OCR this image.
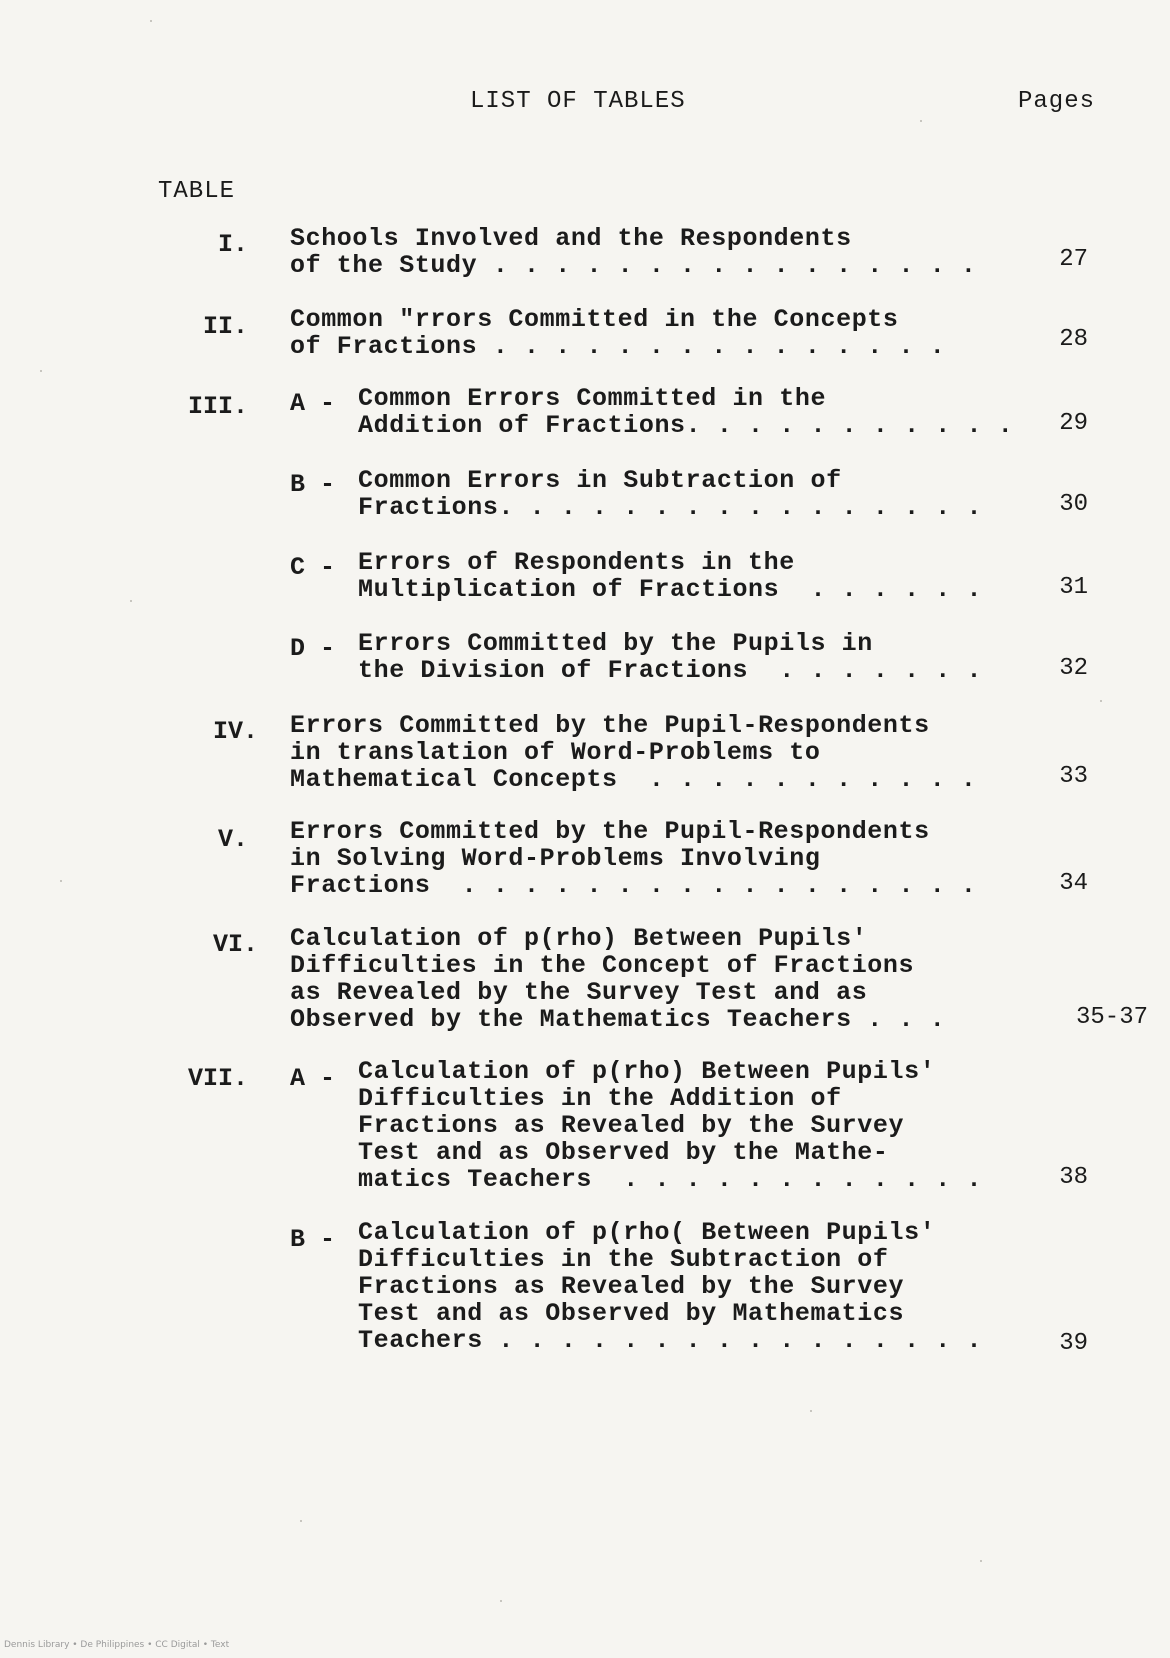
LIST OF TABLES	Pages
TABLE
I. Schools Involved and the Respondents
of the Study . . . . . . . . . . . . . . . .	27
II. Common "rrors Committed in the Concepts
of Fractions . . . . . . . . . . . . . . .	28
III. A - Common Errors Committed in the
Addition of Fractions. . . . . . . . . . .	29
B - Common Errors in Subtraction of
Fractions. . . . . . . . . . . . . . . .	30
C - Errors of Respondents in the
Multiplication of Fractions  . . . . . .	31
D - Errors Committed by the Pupils in
the Division of Fractions  . . . . . . .	32
IV. Errors Committed by the Pupil-Respondents
in translation of Word-Problems to
Mathematical Concepts  . . . . . . . . . . .	33
V. Errors Committed by the Pupil-Respondents
in Solving Word-Problems Involving
Fractions  . . . . . . . . . . . . . . . . .	34
VI. Calculation of p(rho) Between Pupils'
Difficulties in the Concept of Fractions
as Revealed by the Survey Test and as
Observed by the Mathematics Teachers . . .	35-37
VII. A - Calculation of p(rho) Between Pupils'
Difficulties in the Addition of
Fractions as Revealed by the Survey
Test and as Observed by the Mathe-
matics Teachers  . . . . . . . . . . . .	38
B - Calculation of p(rho( Between Pupils'
Difficulties in the Subtraction of
Fractions as Revealed by the Survey
Test and as Observed by Mathematics
Teachers . . . . . . . . . . . . . . . .	39
Dennis Library • De Philippines • CC Digital • Text
